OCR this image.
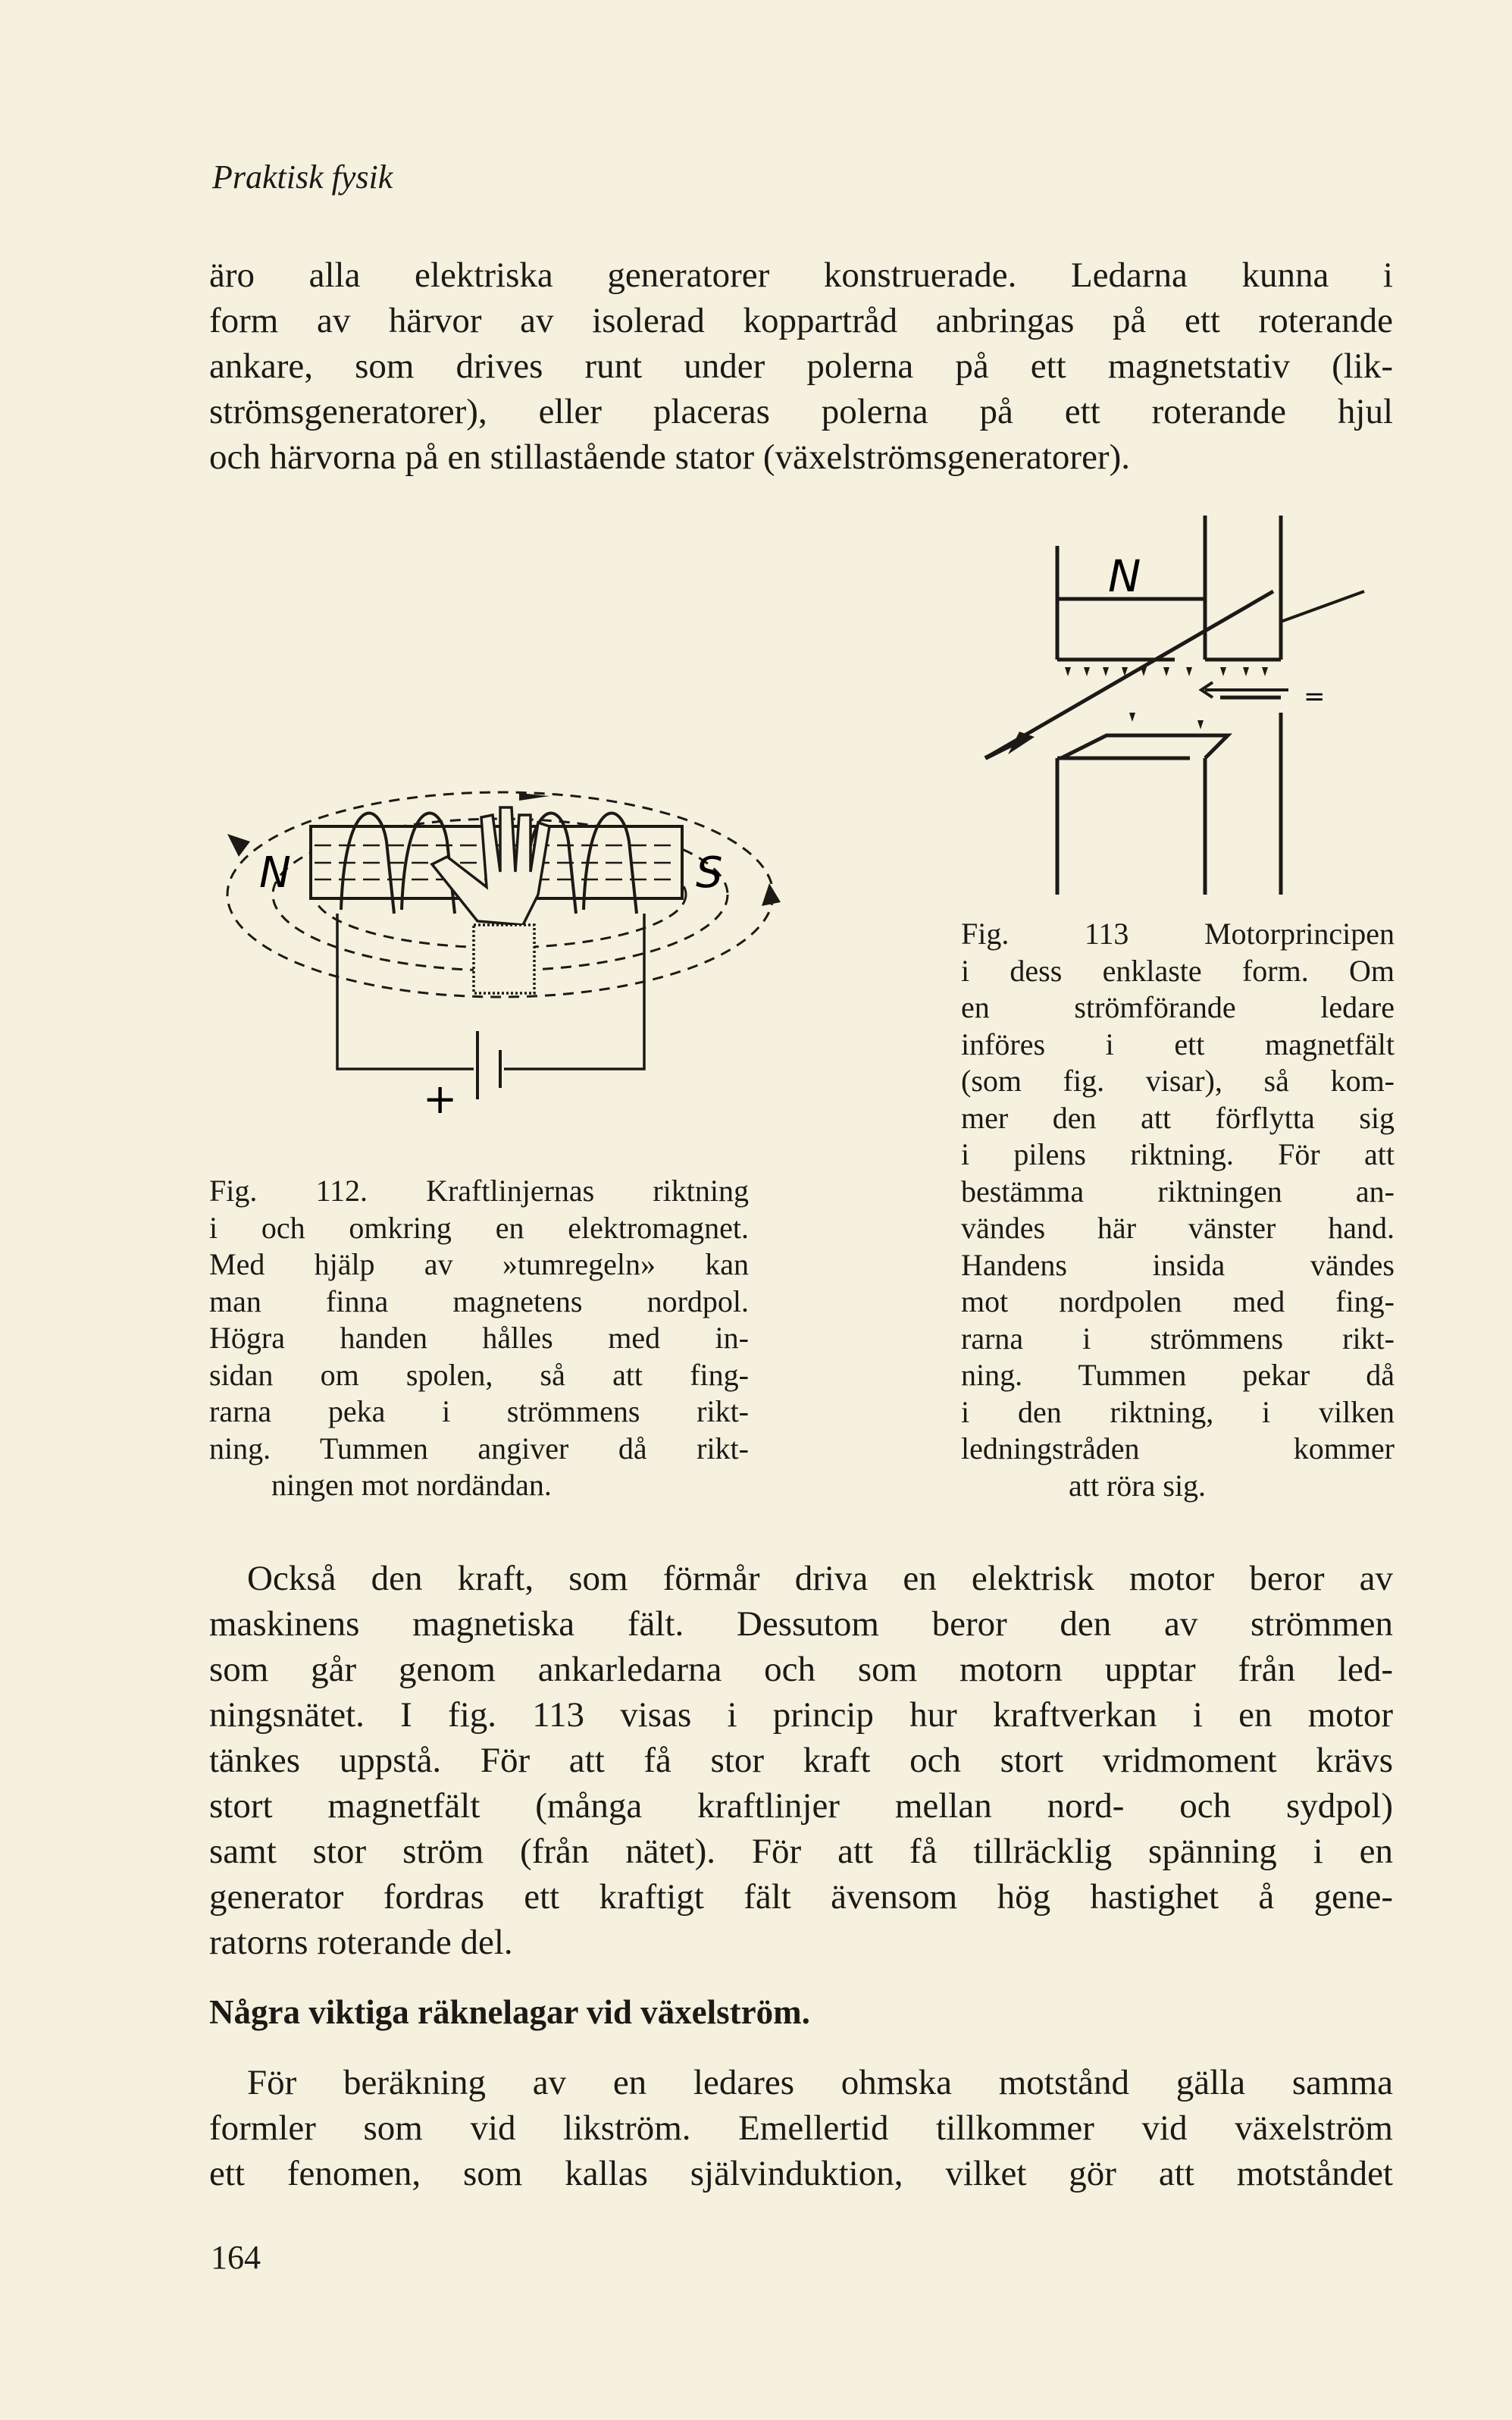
Praktisk fysik
äro alla elektriska generatorer konstruerade. Ledarna kunna i
form av härvor av isolerad koppartråd anbringas på ett roterande
ankare, som drives runt under polerna på ett magnetstativ (lik-
strömsgeneratorer), eller placeras polerna på ett roterande hjul
och härvorna på en stillastående stator (växelströmsgeneratorer).
N	S
+
N
=
Fig. 113 Motorprincipen
i dess enklaste form. Om
en strömförande ledare
införes i ett magnetfält
(som fig. visar), så kom-
mer den att förflytta sig
i pilens riktning. För att
bestämma riktningen an-
vändes här vänster hand.
Handens insida vändes
mot nordpolen med fing-
rarna i strömmens rikt-
ning. Tummen pekar då
i den riktning, i vilken
ledningstråden kommer
att röra sig.
Fig. 112. Kraftlinjernas riktning
i och omkring en elektromagnet.
Med hjälp av »tumregeln» kan
man finna magnetens nordpol.
Högra handen hålles med in-
sidan om spolen, så att fing-
rarna peka i strömmens rikt-
ning. Tummen angiver då rikt-
ningen mot nordändan.
Också den kraft, som förmår driva en elektrisk motor beror av
maskinens magnetiska fält. Dessutom beror den av strömmen
som går genom ankarledarna och som motorn upptar från led-
ningsnätet. I fig. 113 visas i princip hur kraftverkan i en motor
tänkes uppstå. För att få stor kraft och stort vridmoment krävs
stort magnetfält (många kraftlinjer mellan nord- och sydpol)
samt stor ström (från nätet). För att få tillräcklig spänning i en
generator fordras ett kraftigt fält ävensom hög hastighet å gene-
ratorns roterande del.
Några viktiga räknelagar vid växelström.
För beräkning av en ledares ohmska motstånd gälla samma
formler som vid likström. Emellertid tillkommer vid växelström
ett fenomen, som kallas självinduktion, vilket gör att motståndet
164
